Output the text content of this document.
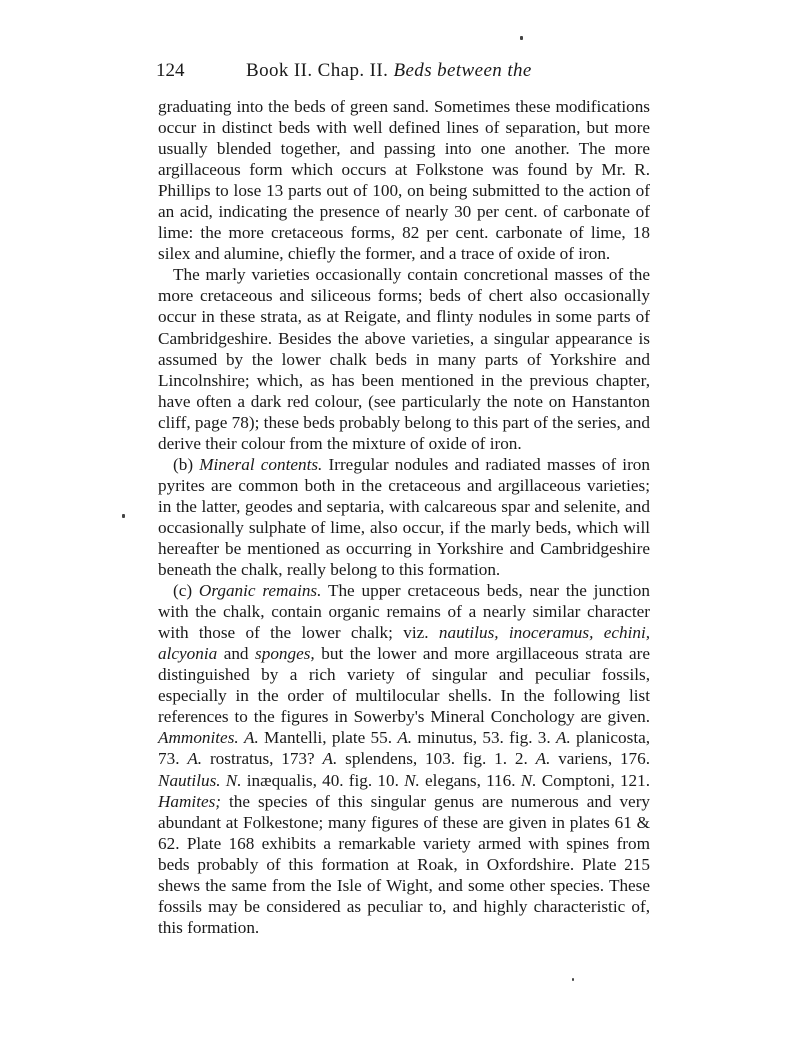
124	Book II. Chap. II. Beds between the

graduating into the beds of green sand. Sometimes these modifications occur in distinct beds with well defined lines of separation, but more usually blended together, and passing into one another. The more argillaceous form which occurs at Folkstone was found by Mr. R. Phillips to lose 13 parts out of 100, on being submitted to the action of an acid, indicating the presence of nearly 30 per cent. of carbonate of lime: the more cretaceous forms, 82 per cent. carbonate of lime, 18 silex and alumine, chiefly the former, and a trace of oxide of iron.

The marly varieties occasionally contain concretional masses of the more cretaceous and siliceous forms; beds of chert also occasionally occur in these strata, as at Reigate, and flinty nodules in some parts of Cambridgeshire. Besides the above varieties, a singular appearance is assumed by the lower chalk beds in many parts of Yorkshire and Lincolnshire; which, as has been mentioned in the previous chapter, have often a dark red colour, (see particularly the note on Hanstanton cliff, page 78); these beds probably belong to this part of the series, and derive their colour from the mixture of oxide of iron.

(b) Mineral contents. Irregular nodules and radiated masses of iron pyrites are common both in the cretaceous and argillaceous varieties; in the latter, geodes and septaria, with calcareous spar and selenite, and occasionally sulphate of lime, also occur, if the marly beds, which will hereafter be mentioned as occurring in Yorkshire and Cambridgeshire beneath the chalk, really belong to this formation.

(c) Organic remains. The upper cretaceous beds, near the junction with the chalk, contain organic remains of a nearly similar character with those of the lower chalk; viz. nautilus, inoceramus, echini, alcyonia and sponges, but the lower and more argillaceous strata are distinguished by a rich variety of singular and peculiar fossils, especially in the order of multilocular shells. In the following list references to the figures in Sowerby's Mineral Conchology are given. Ammonites. A. Mantelli, plate 55. A. minutus, 53. fig. 3. A. planicosta, 73. A. rostratus, 173? A. splendens, 103. fig. 1. 2. A. variens, 176. Nautilus. N. inæqualis, 40. fig. 10. N. elegans, 116. N. Comptoni, 121. Hamites; the species of this singular genus are numerous and very abundant at Folkestone; many figures of these are given in plates 61 & 62. Plate 168 exhibits a remarkable variety armed with spines from beds probably of this formation at Roak, in Oxfordshire. Plate 215 shews the same from the Isle of Wight, and some other species. These fossils may be considered as peculiar to, and highly characteristic of, this formation.
